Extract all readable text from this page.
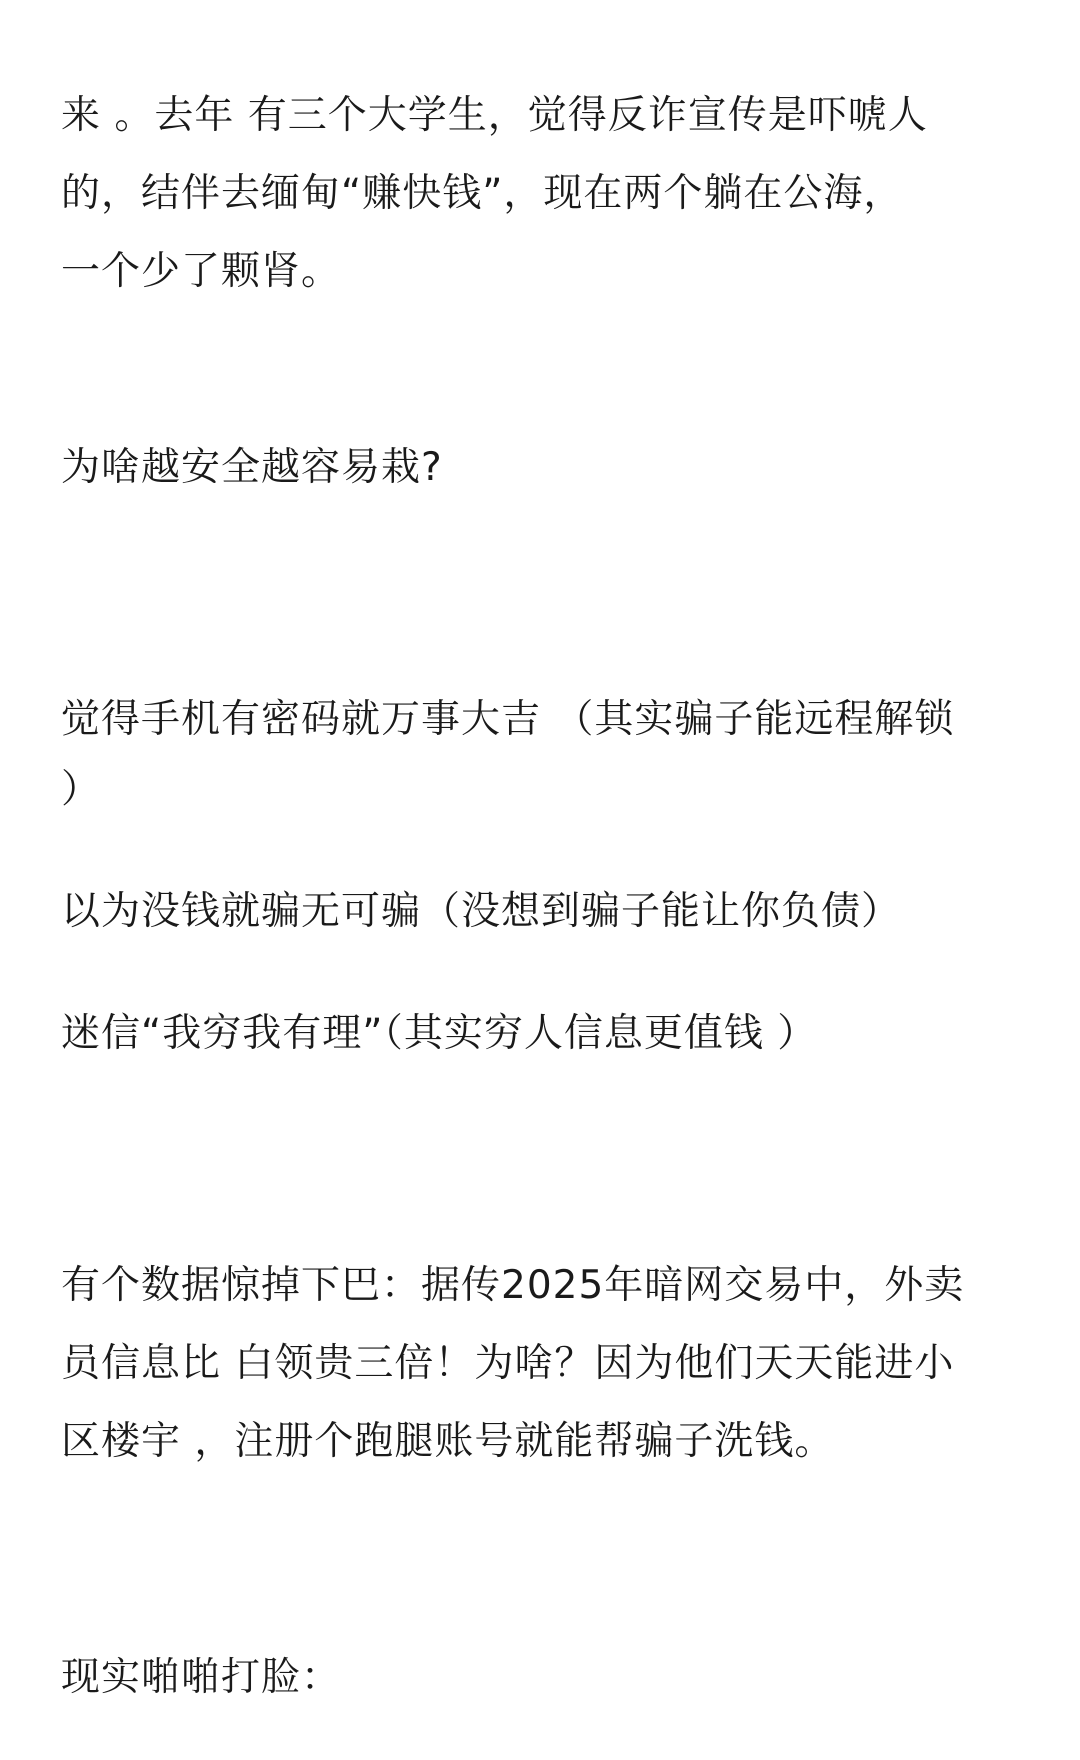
来 。去年 有三个大学生，觉得反诈宣传是吓唬人
的，结伴去缅甸“赚快钱”，现在两个躺在公海，
一个少了颗肾。
为啥越安全越容易栽?
觉得手机有密码就万事大吉 （其实骗子能远程解锁
）
以为没钱就骗无可骗（没想到骗子能让你负债）
迷信“我穷我有理”（其实穷人信息更值钱 ）
有个数据惊掉下巴：据传2025年暗网交易中，外卖
员信息比 白领贵三倍！为啥？因为他们天天能进小
区楼宇 ，注册个跑腿账号就能帮骗子洗钱。
现实啪啪打脸：
